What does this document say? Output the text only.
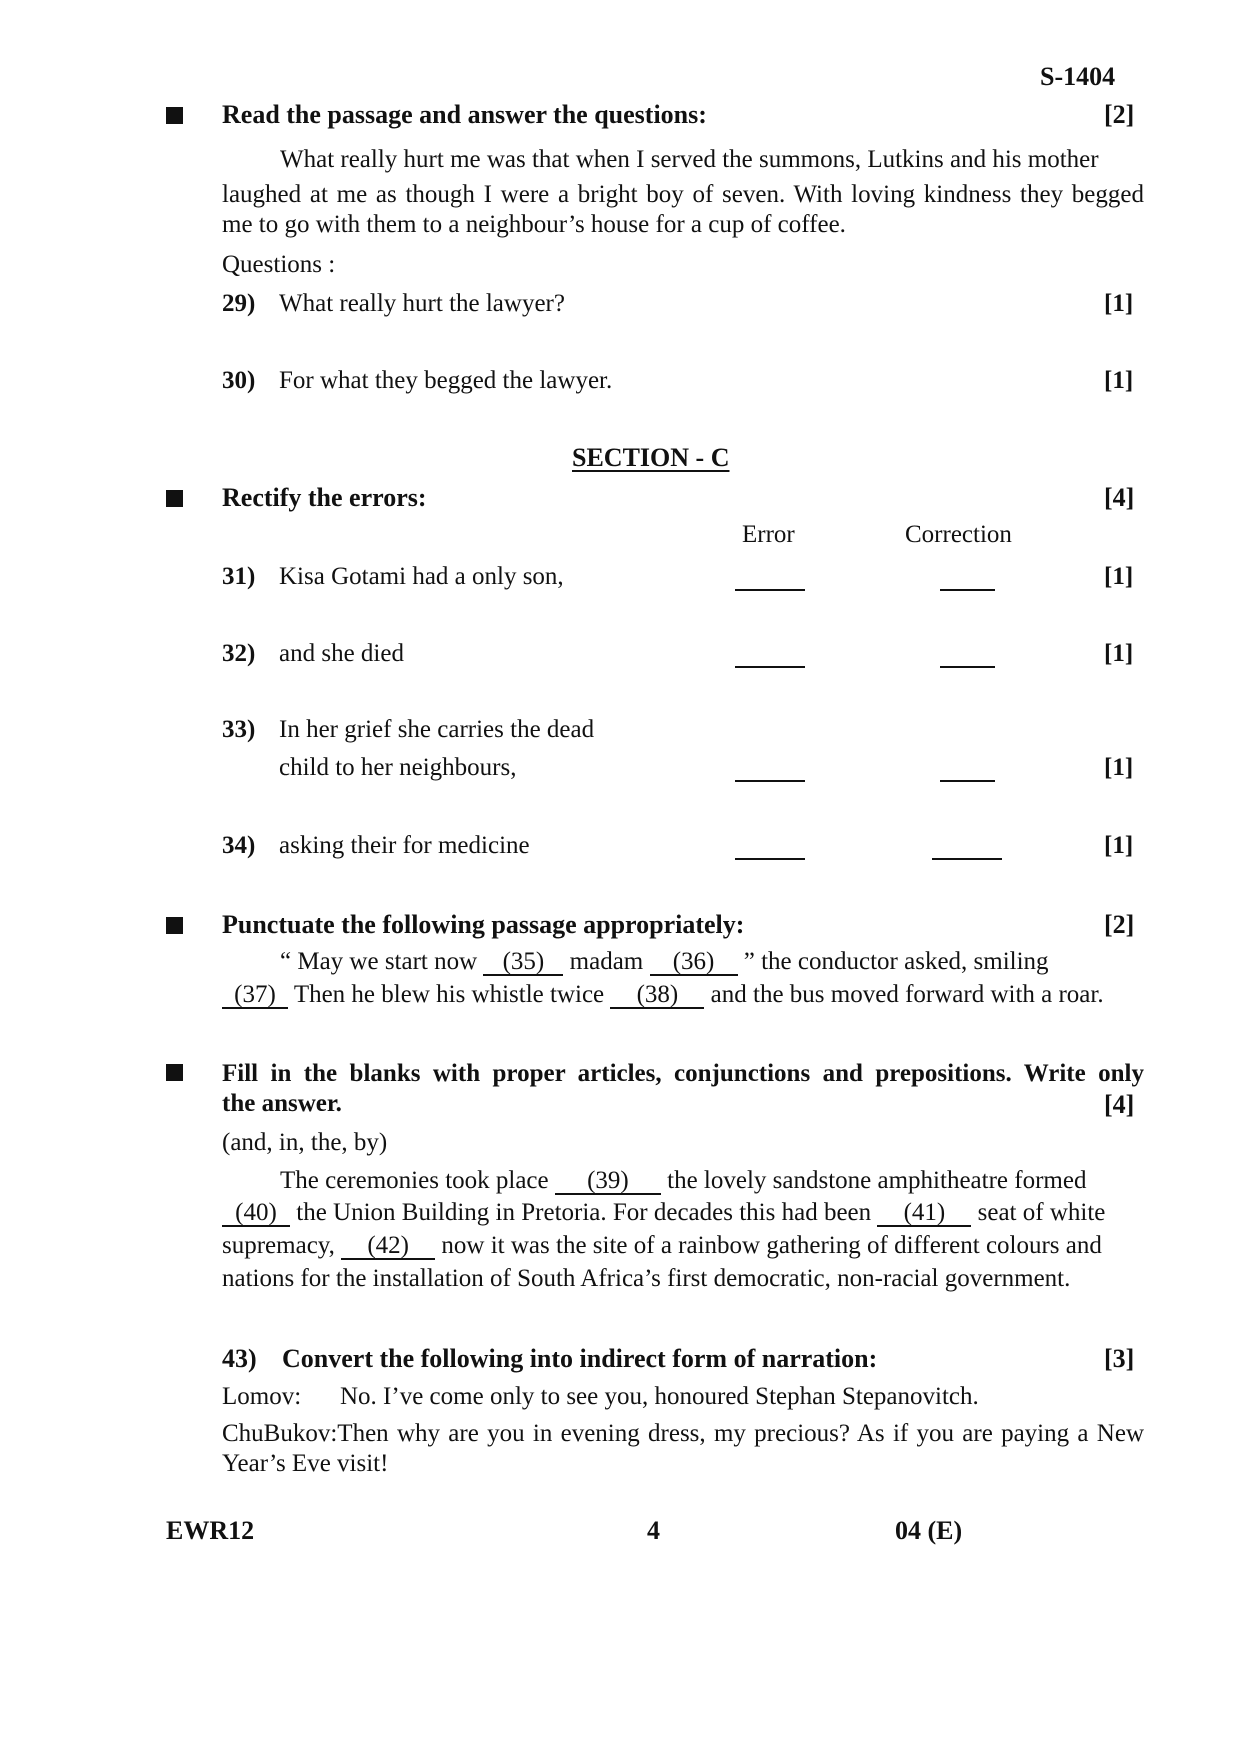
S-1404
Read the passage and answer the questions:	[2]
What really hurt me was that when I served the summons, Lutkins and his mother
laughed at me as though I were a bright boy of seven. With loving kindness they begged
me to go with them to a neighbour’s house for a cup of coffee.
Questions :
29) What really hurt the lawyer?	[1]
30) For what they begged the lawyer.	[1]
SECTION - C
Rectify the errors:	[4]
Error	Correction
31) Kisa Gotami had a only son,	[1]
32) and she died	[1]
33) In her grief she carries the dead
child to her neighbours,	[1]
34) asking their for medicine	[1]
Punctuate the following passage appropriately:	[2]
“ May we start now (35) madam (36) ” the conductor asked, smiling
(37) Then he blew his whistle twice (38) and the bus moved forward with a roar.
Fill in the blanks with proper articles, conjunctions and prepositions. Write only
the answer.	[4]
(and, in, the, by)
The ceremonies took place (39) the lovely sandstone amphitheatre formed
(40) the Union Building in Pretoria. For decades this had been (41) seat of white
supremacy, (42) now it was the site of a rainbow gathering of different colours and
nations for the installation of South Africa’s first democratic, non-racial government.
43) Convert the following into indirect form of narration:	[3]
Lomov: No. I’ve come only to see you, honoured Stephan Stepanovitch.
ChuBukov:Then why are you in evening dress, my precious? As if you are paying a New
Year’s Eve visit!
EWR12	4	04 (E)
